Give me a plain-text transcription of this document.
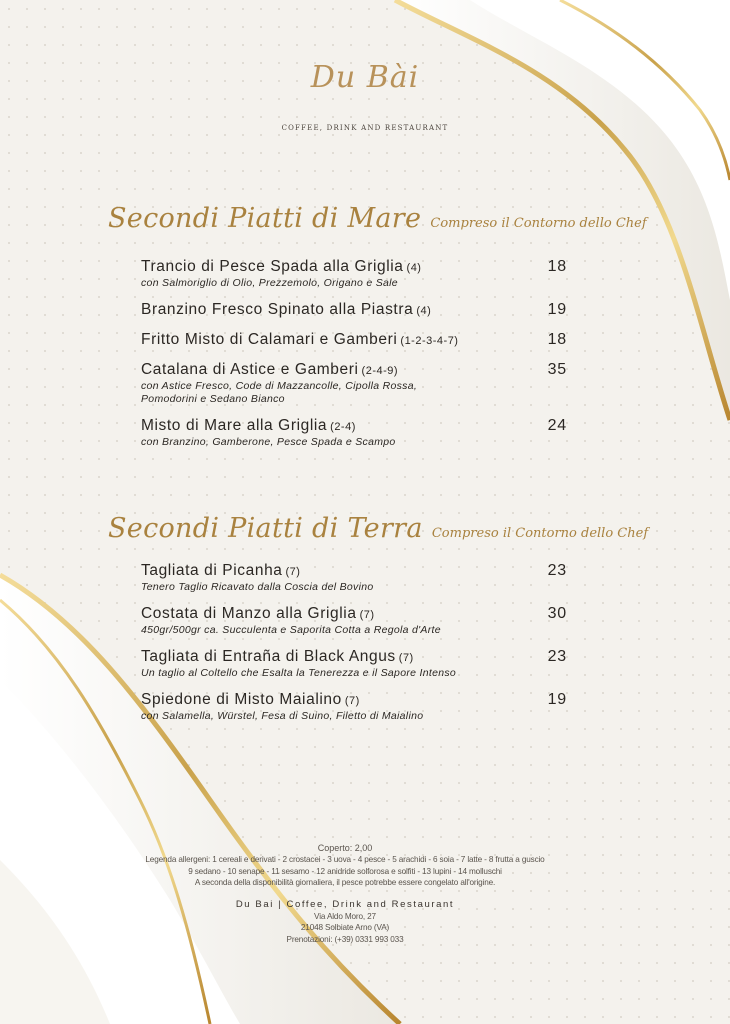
Du Bài
COFFEE, DRINK AND RESTAURANT
Secondi Piatti di Mare Compreso il Contorno dello Chef
Trancio di Pesce Spada alla Griglia (4)
con Salmoriglio di Olio, Prezzemolo, Origano e Sale
18
Branzino Fresco Spinato alla Piastra (4)	19
Fritto Misto di Calamari e Gamberi (1-2-3-4-7)	18
Catalana di Astice e Gamberi (2-4-9)
con Astice Fresco, Code di Mazzancolle, Cipolla Rossa,
Pomodorini e Sedano Bianco
35
Misto di Mare alla Griglia (2-4)
con Branzino, Gamberone, Pesce Spada e Scampo
24
Secondi Piatti di Terra Compreso il Contorno dello Chef
Tagliata di Picanha (7)
Tenero Taglio Ricavato dalla Coscia del Bovino
23
Costata di Manzo alla Griglia (7)
450gr/500gr ca. Succulenta e Saporita Cotta a Regola d'Arte
30
Tagliata di Entraña di Black Angus (7)
Un taglio al Coltello che Esalta la Tenerezza e il Sapore Intenso
23
Spiedone di Misto Maialino (7)
con Salamella, Würstel, Fesa di Suino, Filetto di Maialino
19
Coperto: 2,00
Legenda allergeni: 1 cereali e derivati - 2 crostacei - 3 uova - 4 pesce - 5 arachidi - 6 soia - 7 latte - 8 frutta a guscio
9 sedano - 10 senape - 11 sesamo - 12 anidride solforosa e solfiti - 13 lupini - 14 molluschi
A seconda della disponibilità giornaliera, il pesce potrebbe essere congelato all'origine.
Du Bai | Coffee, Drink and Restaurant
Via Aldo Moro, 27
21048 Solbiate Arno (VA)
Prenotazioni: (+39) 0331 993 033
